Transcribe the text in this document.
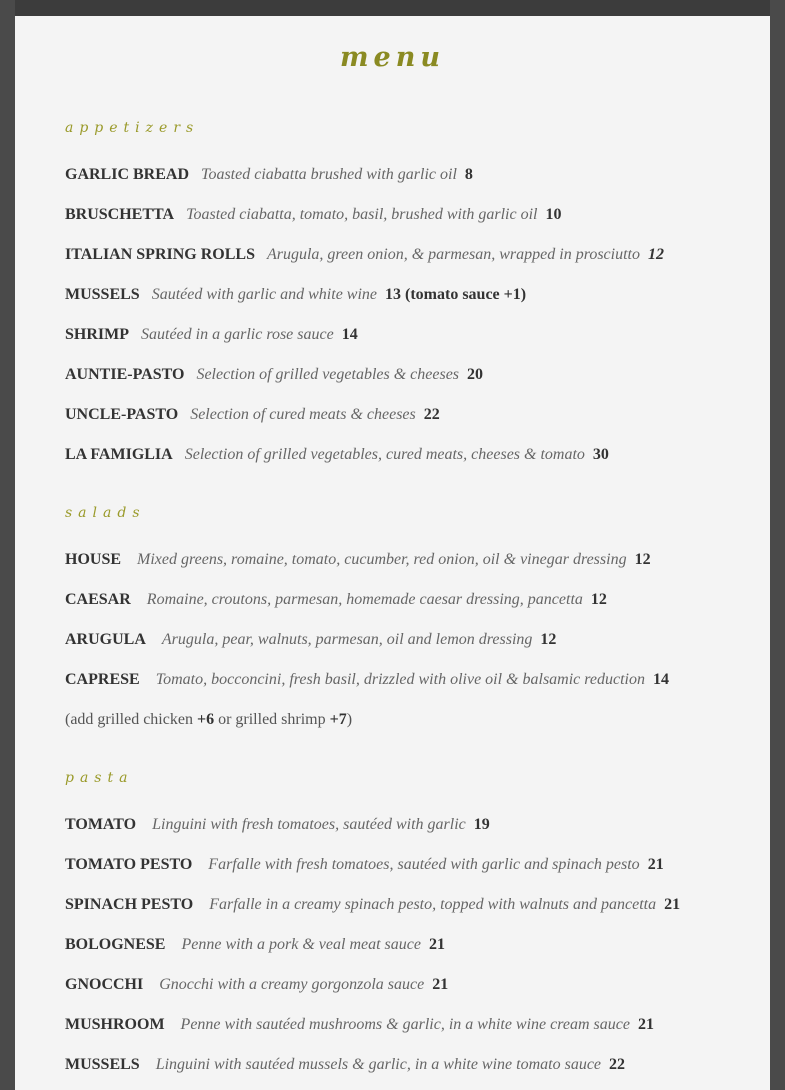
menu
appetizers
GARLIC BREAD Toasted ciabatta brushed with garlic oil 8
BRUSCHETTA Toasted ciabatta, tomato, basil, brushed with garlic oil 10
ITALIAN SPRING ROLLS Arugula, green onion, & parmesan, wrapped in prosciutto 12
MUSSELS Sautéed with garlic and white wine 13 (tomato sauce +1)
SHRIMP Sautéed in a garlic rose sauce 14
AUNTIE-PASTO Selection of grilled vegetables & cheeses 20
UNCLE-PASTO Selection of cured meats & cheeses 22
LA FAMIGLIA Selection of grilled vegetables, cured meats, cheeses & tomato 30
salads
HOUSE Mixed greens, romaine, tomato, cucumber, red onion, oil & vinegar dressing 12
CAESAR Romaine, croutons, parmesan, homemade caesar dressing, pancetta 12
ARUGULA Arugula, pear, walnuts, parmesan, oil and lemon dressing 12
CAPRESE Tomato, bocconcini, fresh basil, drizzled with olive oil & balsamic reduction 14
(add grilled chicken +6 or grilled shrimp +7)
pasta
TOMATO Linguini with fresh tomatoes, sautéed with garlic 19
TOMATO PESTO Farfalle with fresh tomatoes, sautéed with garlic and spinach pesto 21
SPINACH PESTO Farfalle in a creamy spinach pesto, topped with walnuts and pancetta 21
BOLOGNESE Penne with a pork & veal meat sauce 21
GNOCCHI Gnocchi with a creamy gorgonzola sauce 21
MUSHROOM Penne with sautéed mushrooms & garlic, in a white wine cream sauce 21
MUSSELS Linguini with sautéed mussels & garlic, in a white wine tomato sauce 22
